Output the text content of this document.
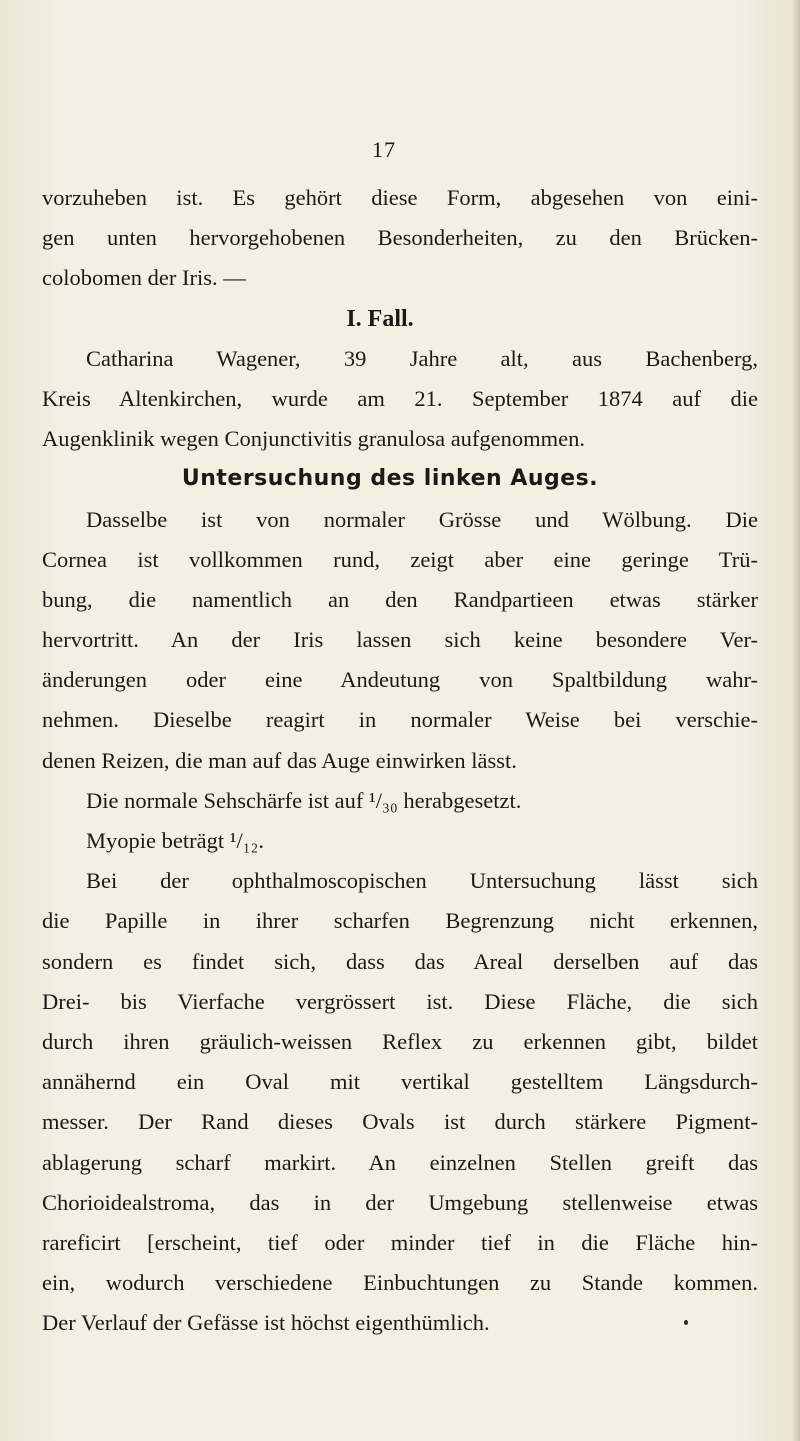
17
vorzuheben ist. Es gehört diese Form, abgesehen von eini-
gen unten hervorgehobenen Besonderheiten, zu den Brücken-
colobomen der Iris. —
I. Fall.
Catharina Wagener, 39 Jahre alt, aus Bachenberg,
Kreis Altenkirchen, wurde am 21. September 1874 auf die
Augenklinik wegen Conjunctivitis granulosa aufgenommen.
Untersuchung des linken Auges.
Dasselbe ist von normaler Grösse und Wölbung. Die
Cornea ist vollkommen rund, zeigt aber eine geringe Trü-
bung, die namentlich an den Randpartieen etwas stärker
hervortritt. An der Iris lassen sich keine besondere Ver-
änderungen oder eine Andeutung von Spaltbildung wahr-
nehmen. Dieselbe reagirt in normaler Weise bei verschie-
denen Reizen, die man auf das Auge einwirken lässt.
Die normale Sehschärfe ist auf ¹/₃₀ herabgesetzt.
Myopie beträgt ¹/₁₂.
Bei der ophthalmoscopischen Untersuchung lässt sich
die Papille in ihrer scharfen Begrenzung nicht erkennen,
sondern es findet sich, dass das Areal derselben auf das
Drei- bis Vierfache vergrössert ist. Diese Fläche, die sich
durch ihren gräulich-weissen Reflex zu erkennen gibt, bildet
annähernd ein Oval mit vertikal gestelltem Längsdurch-
messer. Der Rand dieses Ovals ist durch stärkere Pigment-
ablagerung scharf markirt. An einzelnen Stellen greift das
Chorioidealstroma, das in der Umgebung stellenweise etwas
rareficirt [erscheint, tief oder minder tief in die Fläche hin-
ein, wodurch verschiedene Einbuchtungen zu Stande kommen.
Der Verlauf der Gefässe ist höchst eigenthümlich.
